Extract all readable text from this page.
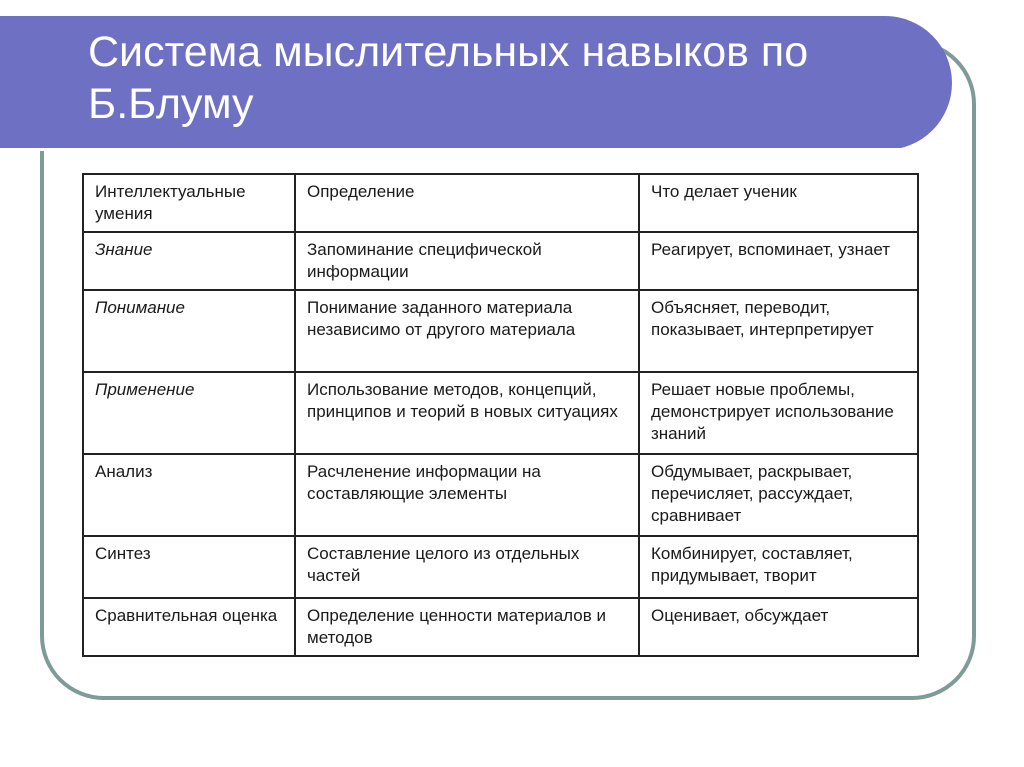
Система мыслительных навыков по Б.Блуму
Интеллектуальные умения	Определение	Что делает ученик
Знание	Запоминание специфической информации	Реагирует, вспоминает, узнает
Понимание	Понимание заданного материала независимо от другого материала	Объясняет, переводит, показывает, интерпретирует
Применение	Использование методов, концепций, принципов и теорий в новых ситуациях	Решает новые проблемы, демонстрирует использование знаний
Анализ	Расчленение информации на составляющие элементы	Обдумывает, раскрывает, перечисляет, рассуждает, сравнивает
Синтез	Составление целого из отдельных частей	Комбинирует, составляет, придумывает, творит
Сравнительная оценка	Определение ценности материалов и методов	Оценивает, обсуждает
